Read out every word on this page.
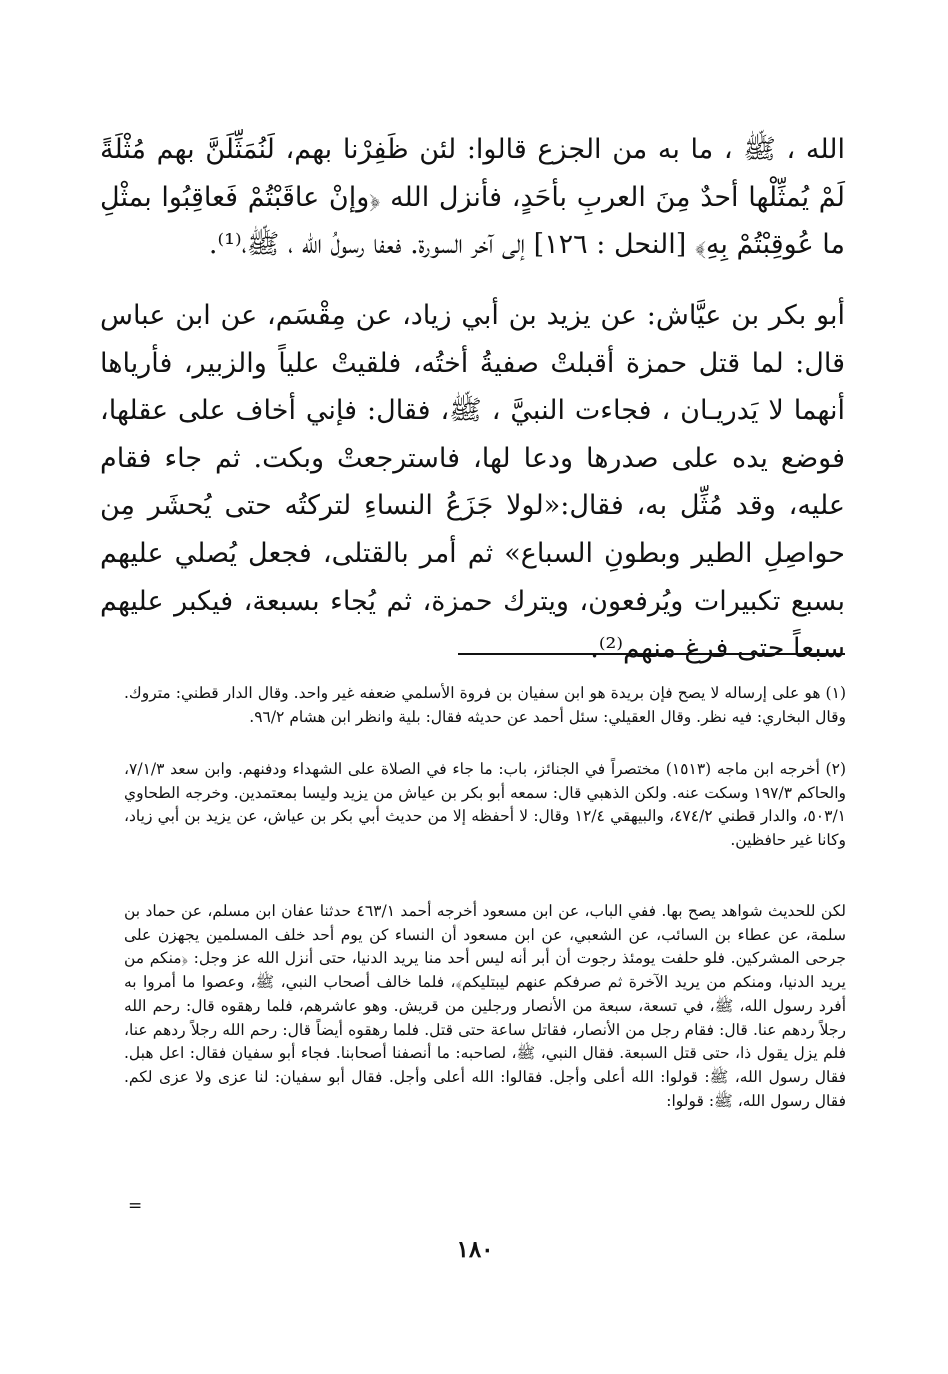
الله ، ﷺ ، ما به من الجزع قالوا: لئن ظَفِرْنا بهم، لَنُمَثِّلَنَّ بهم مُثْلَةً لَمْ يُمثِّلْها أحدٌ مِنَ العربِ بأحَدٍ، فأنزل الله ﴿وإنْ عاقَبْتُمْ فَعاقِبُوا بمثْلِ ما عُوقِبْتُمْ بِهِ﴾ [النحل : ١٢٦] إلى آخر السورة. فعفا رسولُ الله ، ﷺ،⁽¹⁾.

أبو بكر بن عيَّاش: عن يزيد بن أبي زياد، عن مِقْسَم، عن ابن عباس قال: لما قتل حمزة أقبلتْ صفيةُ أختُه، فلقيتْ علياً والزبير، فأرياها أنهما لا يَدريـان ، فجاءت النبيَّ ، ﷺ، فقال: فإني أخاف على عقلها، فوضع يده على صدرها ودعا لها، فاسترجعتْ وبكت. ثم جاء فقام عليه، وقد مُثِّل به، فقال:«لولا جَزَعُ النساءِ لتركتُه حتى يُحشَر مِن حواصِلِ الطير وبطونِ السباع» ثم أمر بالقتلى، فجعل يُصلي عليهم بسبع تكبيرات ويُرفعون، ويترك حمزة، ثم يُجاء بسبعة، فيكبر عليهم سبعاً حتى فرغ منهم⁽²⁾.

(١) هو على إرساله لا يصح فإن بريدة هو ابن سفيان بن فروة الأسلمي ضعفه غير واحد. وقال الدار قطني: متروك. وقال البخاري: فيه نظر. وقال العقيلي: سئل أحمد عن حديثه فقال: بلية وانظر ابن هشام ٩٦/٢.

(٢) أخرجه ابن ماجه (١٥١٣) مختصراً في الجنائز، باب: ما جاء في الصلاة على الشهداء ودفنهم. وابن سعد ٧/١/٣، والحاكم ١٩٧/٣ وسكت عنه. ولكن الذهبي قال: سمعه أبو بكر بن عياش من يزيد وليسا بمعتمدين. وخرجه الطحاوي ٥٠٣/١، والدار قطني ٤٧٤/٢، والبيهقي ١٢/٤ وقال: لا أحفظه إلا من حديث أبي بكر بن عياش، عن يزيد بن أبي زياد، وكانا غير حافظين.

لكن للحديث شواهد يصح بها. ففي الباب، عن ابن مسعود أخرجه أحمد ٤٦٣/١ حدثنا عفان ابن مسلم، عن حماد بن سلمة، عن عطاء بن السائب، عن الشعبي، عن ابن مسعود أن النساء كن يوم أحد خلف المسلمين يجهزن على جرحى المشركين. فلو حلفت يومئذ رجوت أن أبر أنه ليس أحد منا يريد الدنيا، حتى أنزل الله عز وجل: ﴿منكم من يريد الدنيا، ومنكم من يريد الآخرة ثم صرفكم عنهم ليبتليكم﴾، فلما خالف أصحاب النبي، ﷺ، وعصوا ما أمروا به أفرد رسول الله، ﷺ، في تسعة، سبعة من الأنصار ورجلين من قريش. وهو عاشرهم، فلما رهقوه قال: رحم الله رجلاً ردهم عنا. قال: فقام رجل من الأنصار، فقاتل ساعة حتى قتل. فلما رهقوه أيضاً قال: رحم الله رجلاً ردهم عنا، فلم يزل يقول ذا، حتى قتل السبعة. فقال النبي، ﷺ، لصاحبه: ما أنصفنا أصحابنا. فجاء أبو سفيان فقال: اعل هبل. فقال رسول الله، ﷺ: قولوا: الله أعلى وأجل. فقالوا: الله أعلى وأجل. فقال أبو سفيان: لنا عزى ولا عزى لكم. فقال رسول الله، ﷺ: قولوا:

=
١٨٠
